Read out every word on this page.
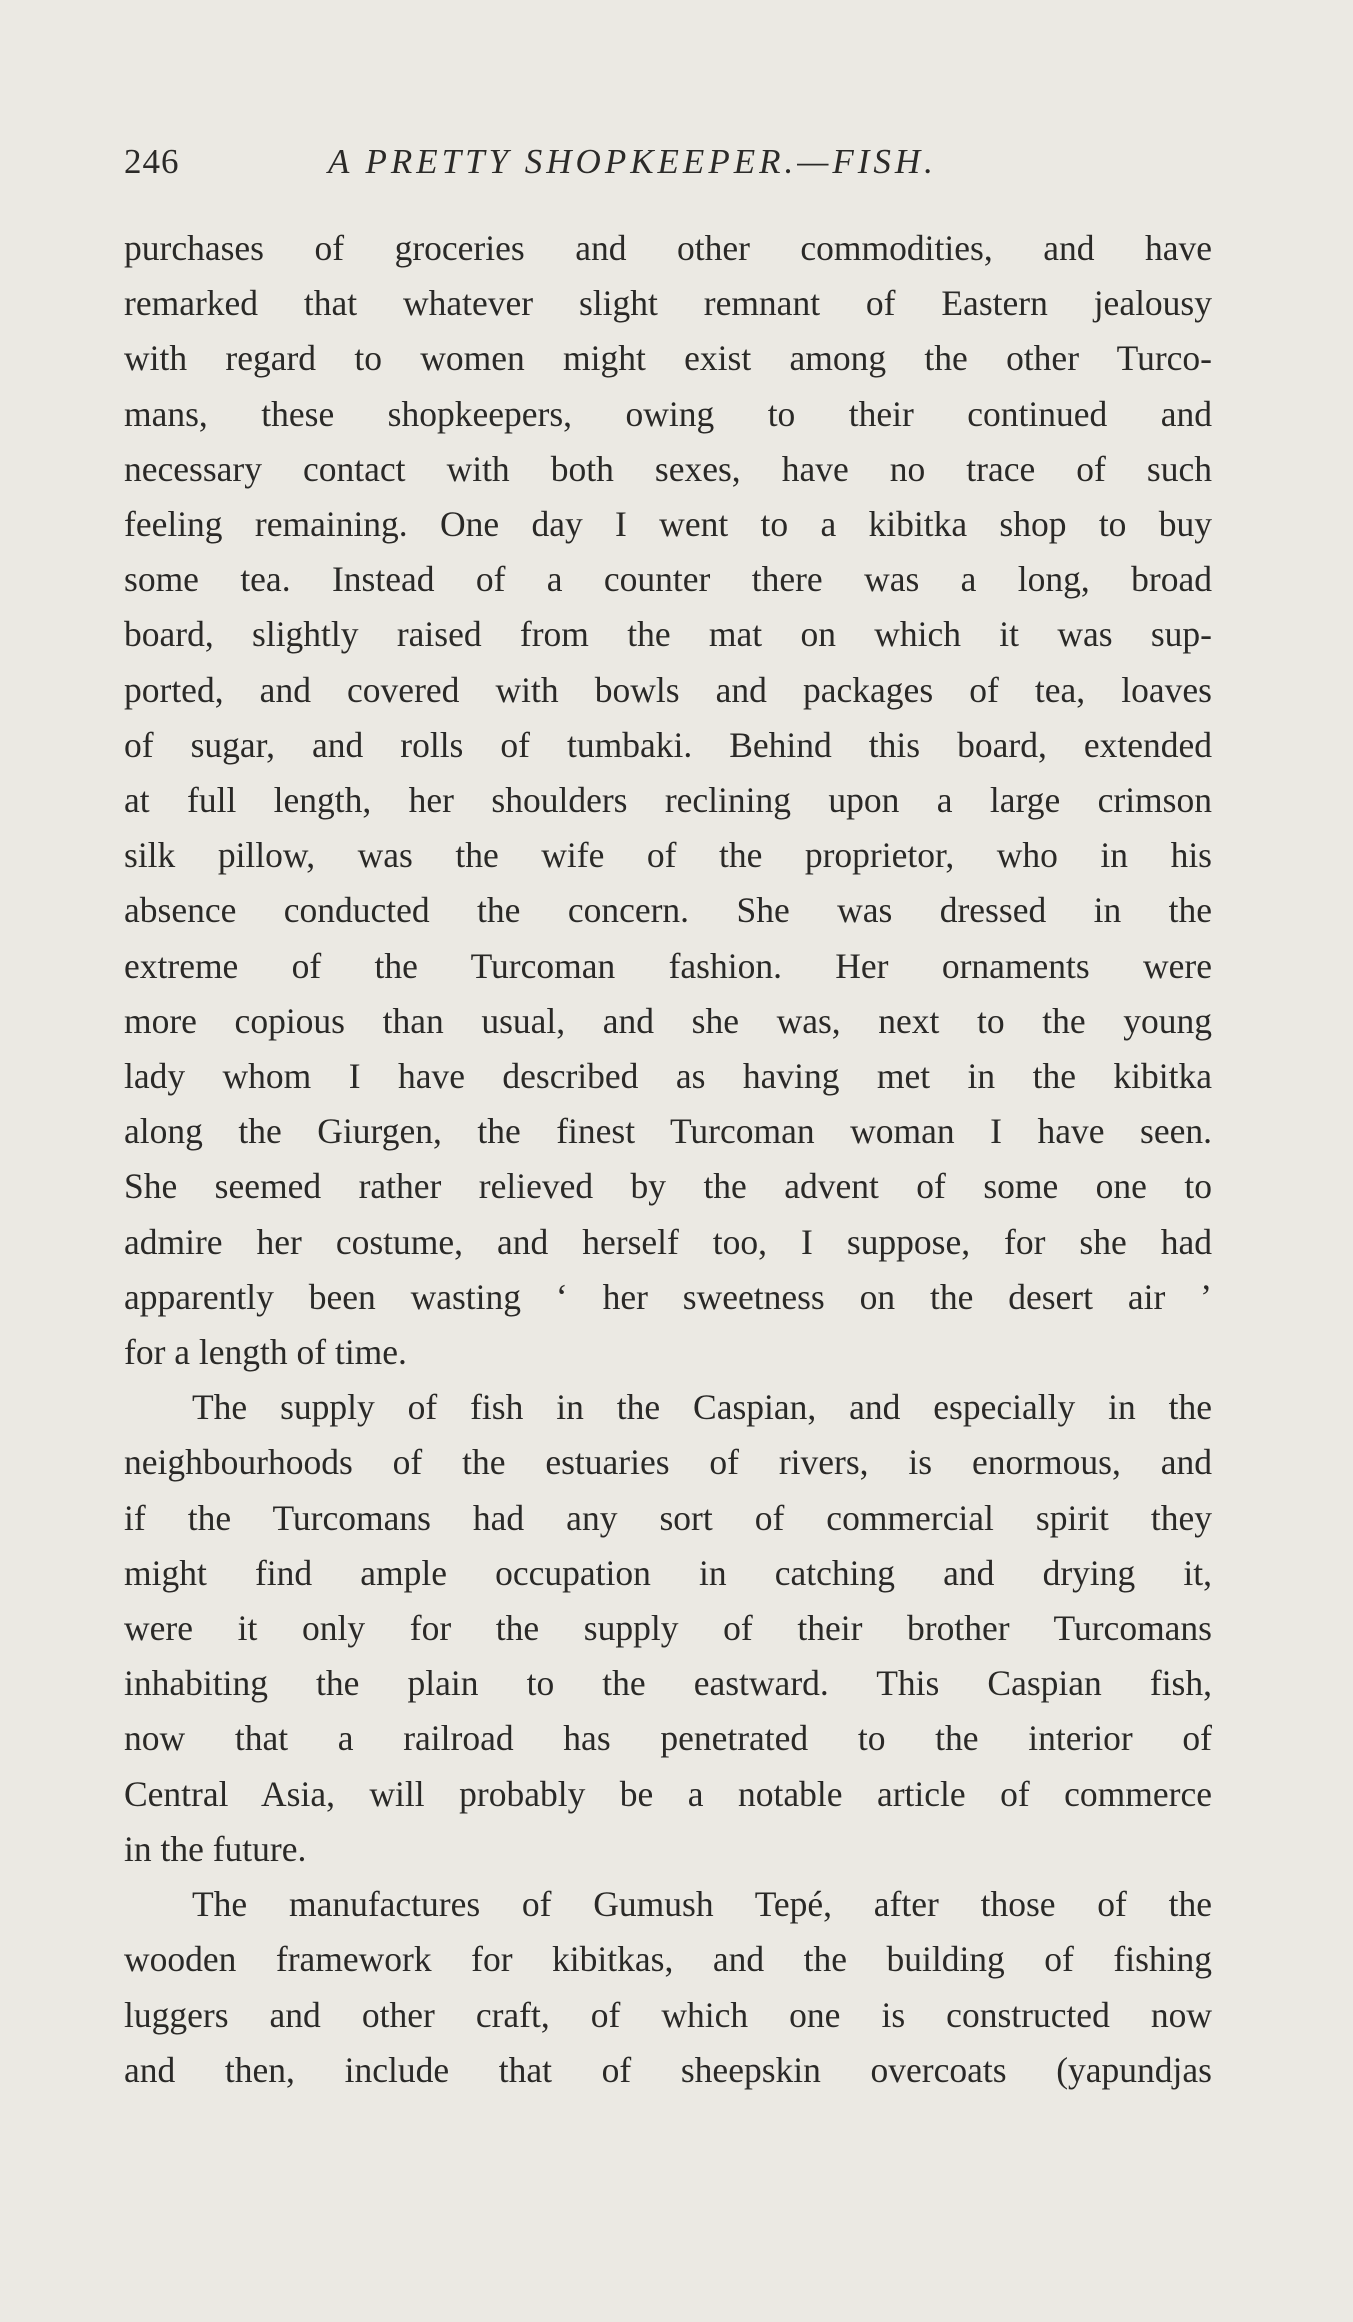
246	A PRETTY SHOPKEEPER.—FISH.
purchases of groceries and other commodities, and have
remarked that whatever slight remnant of Eastern jealousy
with regard to women might exist among the other Turco-
mans, these shopkeepers, owing to their continued and
necessary contact with both sexes, have no trace of such
feeling remaining. One day I went to a kibitka shop to buy
some tea. Instead of a counter there was a long, broad
board, slightly raised from the mat on which it was sup-
ported, and covered with bowls and packages of tea, loaves
of sugar, and rolls of tumbaki. Behind this board, extended
at full length, her shoulders reclining upon a large crimson
silk pillow, was the wife of the proprietor, who in his
absence conducted the concern. She was dressed in the
extreme of the Turcoman fashion. Her ornaments were
more copious than usual, and she was, next to the young
lady whom I have described as having met in the kibitka
along the Giurgen, the finest Turcoman woman I have seen.
She seemed rather relieved by the advent of some one to
admire her costume, and herself too, I suppose, for she had
apparently been wasting ‘ her sweetness on the desert air ’
for a length of time.
The supply of fish in the Caspian, and especially in the
neighbourhoods of the estuaries of rivers, is enormous, and
if the Turcomans had any sort of commercial spirit they
might find ample occupation in catching and drying it,
were it only for the supply of their brother Turcomans
inhabiting the plain to the eastward. This Caspian fish,
now that a railroad has penetrated to the interior of
Central Asia, will probably be a notable article of commerce
in the future.
The manufactures of Gumush Tepé, after those of the
wooden framework for kibitkas, and the building of fishing
luggers and other craft, of which one is constructed now
and then, include that of sheepskin overcoats (yapundjas
